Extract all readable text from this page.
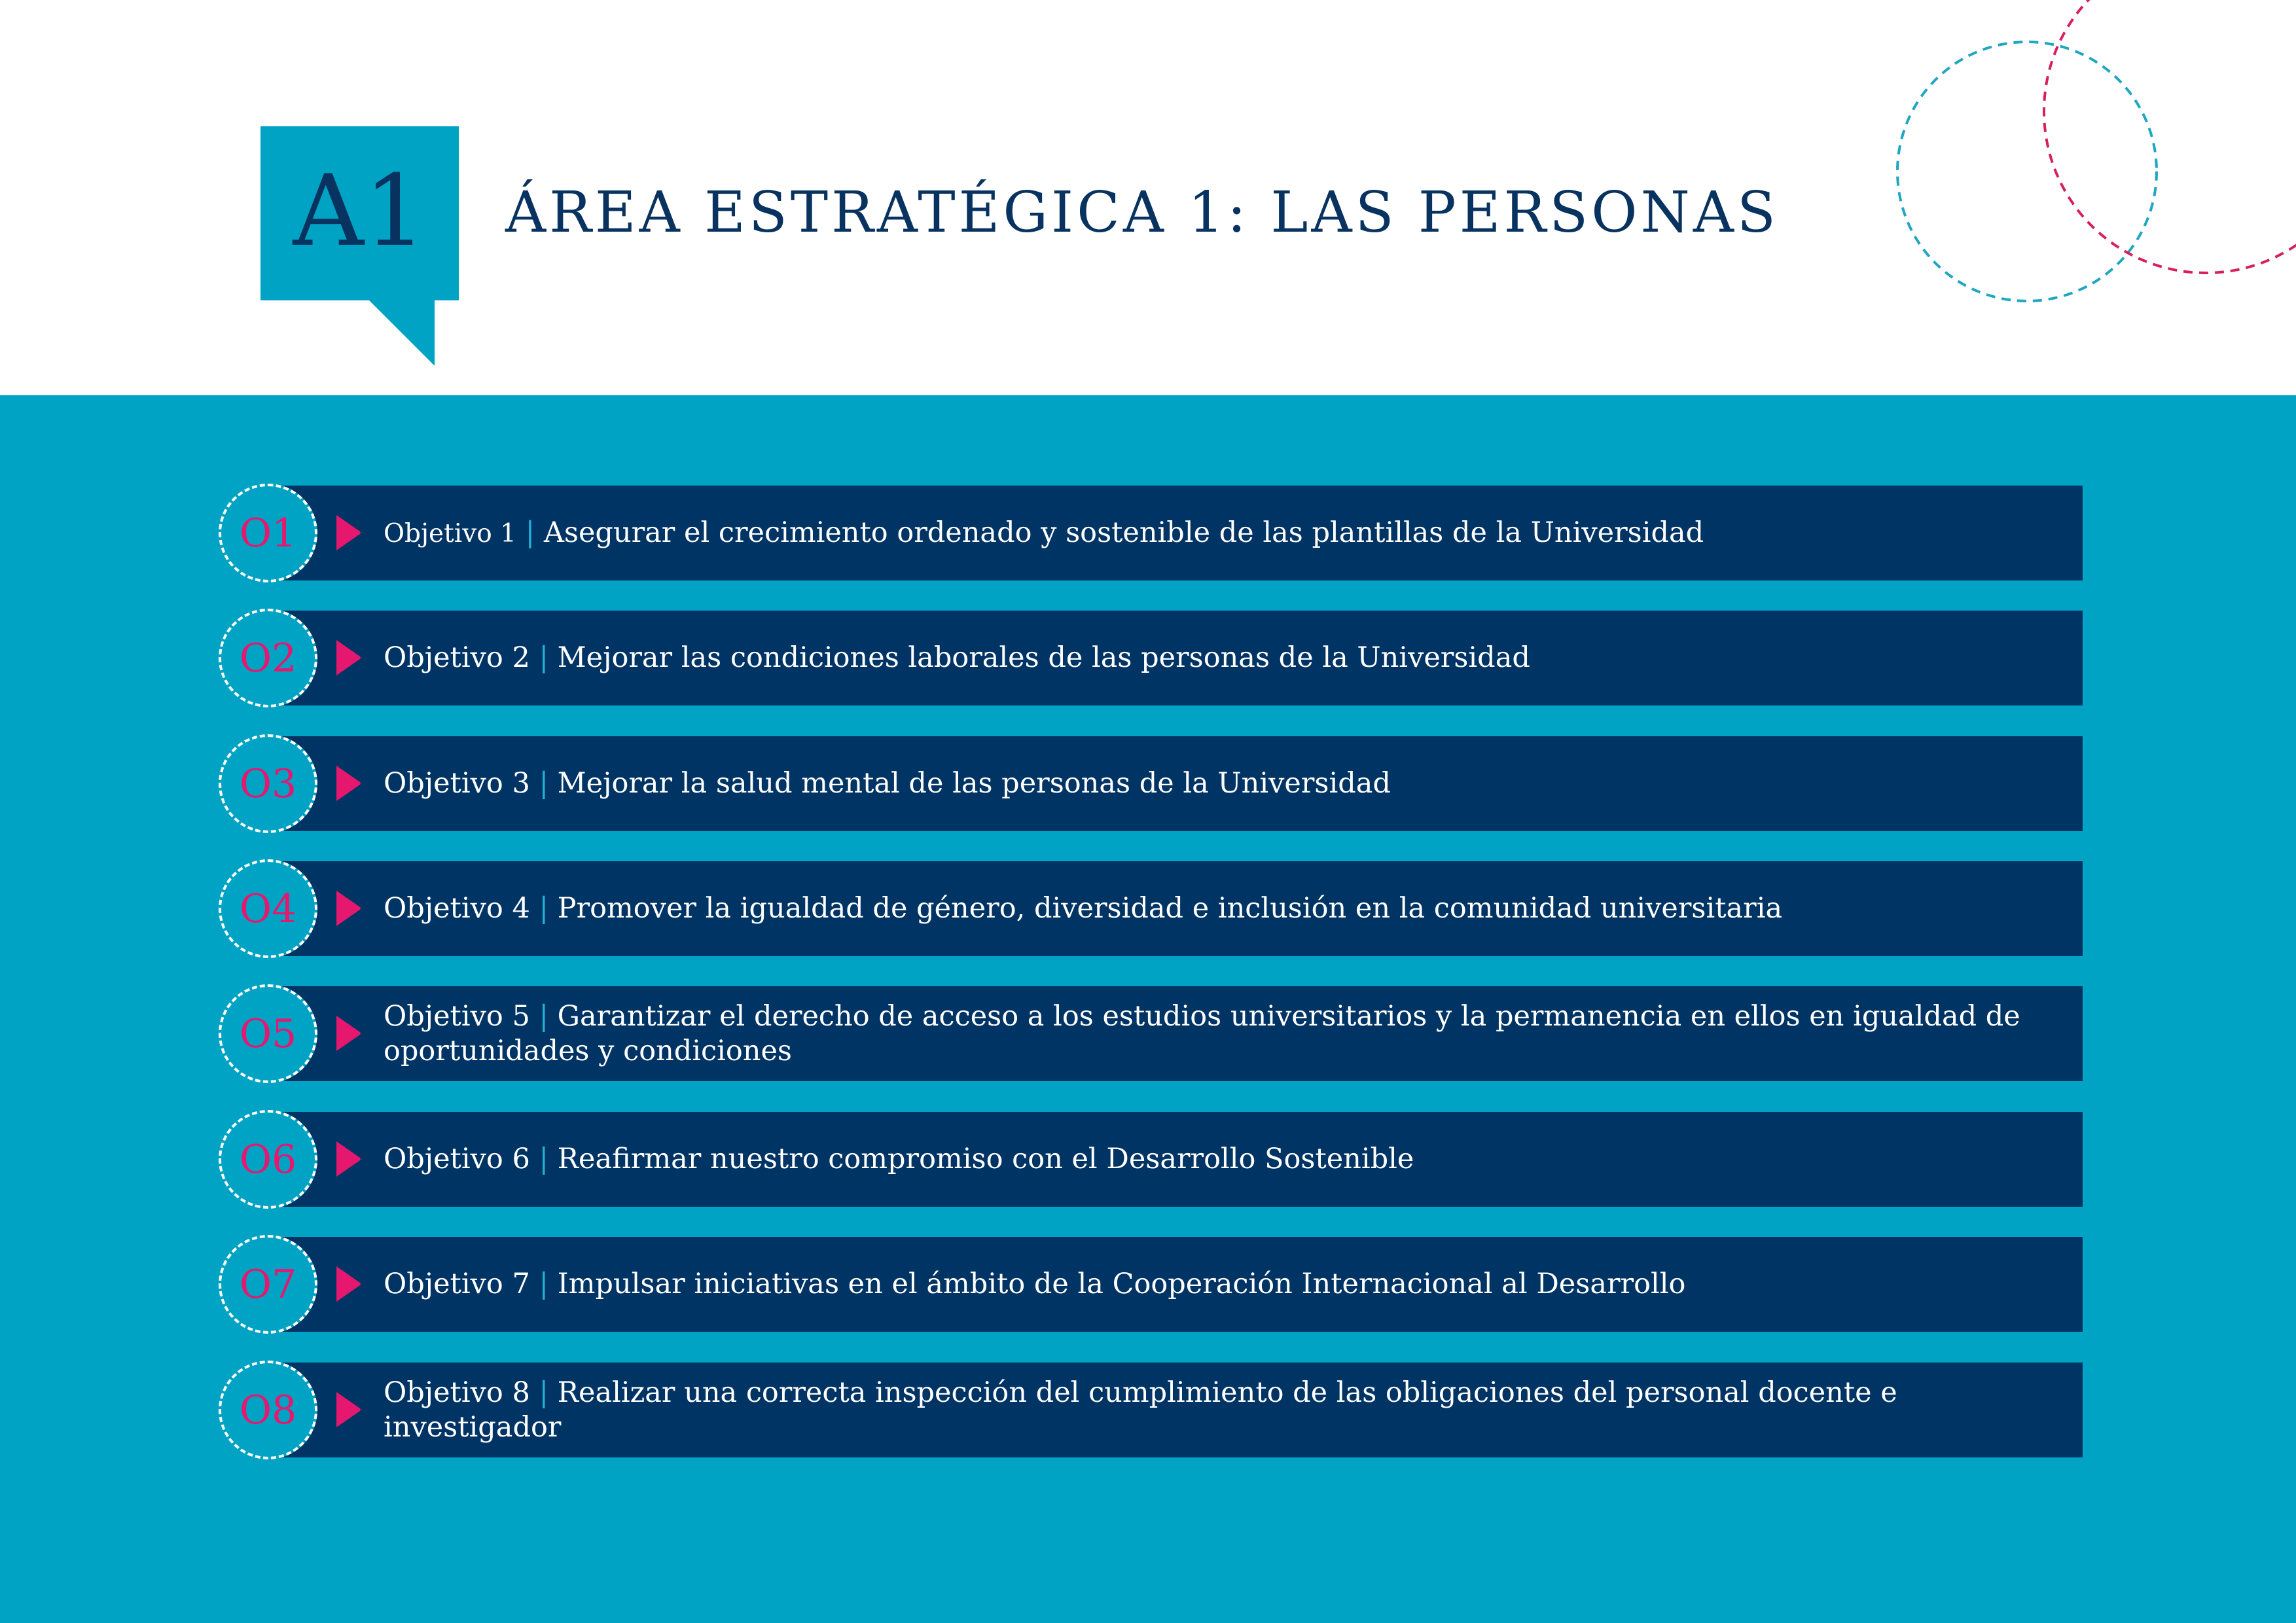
A1	ÁREA ESTRATÉGICA 1: LAS PERSONAS
O1	Objetivo 1 | Asegurar el crecimiento ordenado y sostenible de las plantillas de la Universidad
O2	Objetivo 2 | Mejorar las condiciones laborales de las personas de la Universidad
O3	Objetivo 3 | Mejorar la salud mental de las personas de la Universidad
O4	Objetivo 4 | Promover la igualdad de género, diversidad e inclusión en la comunidad universitaria
O5	Objetivo 5 | Garantizar el derecho de acceso a los estudios universitarios y la permanencia en ellos en igualdad de oportunidades y condiciones
O6	Objetivo 6 | Reafirmar nuestro compromiso con el Desarrollo Sostenible
O7	Objetivo 7 | Impulsar iniciativas en el ámbito de la Cooperación Internacional al Desarrollo
O8	Objetivo 8 | Realizar una correcta inspección del cumplimiento de las obligaciones del personal docente e investigador
